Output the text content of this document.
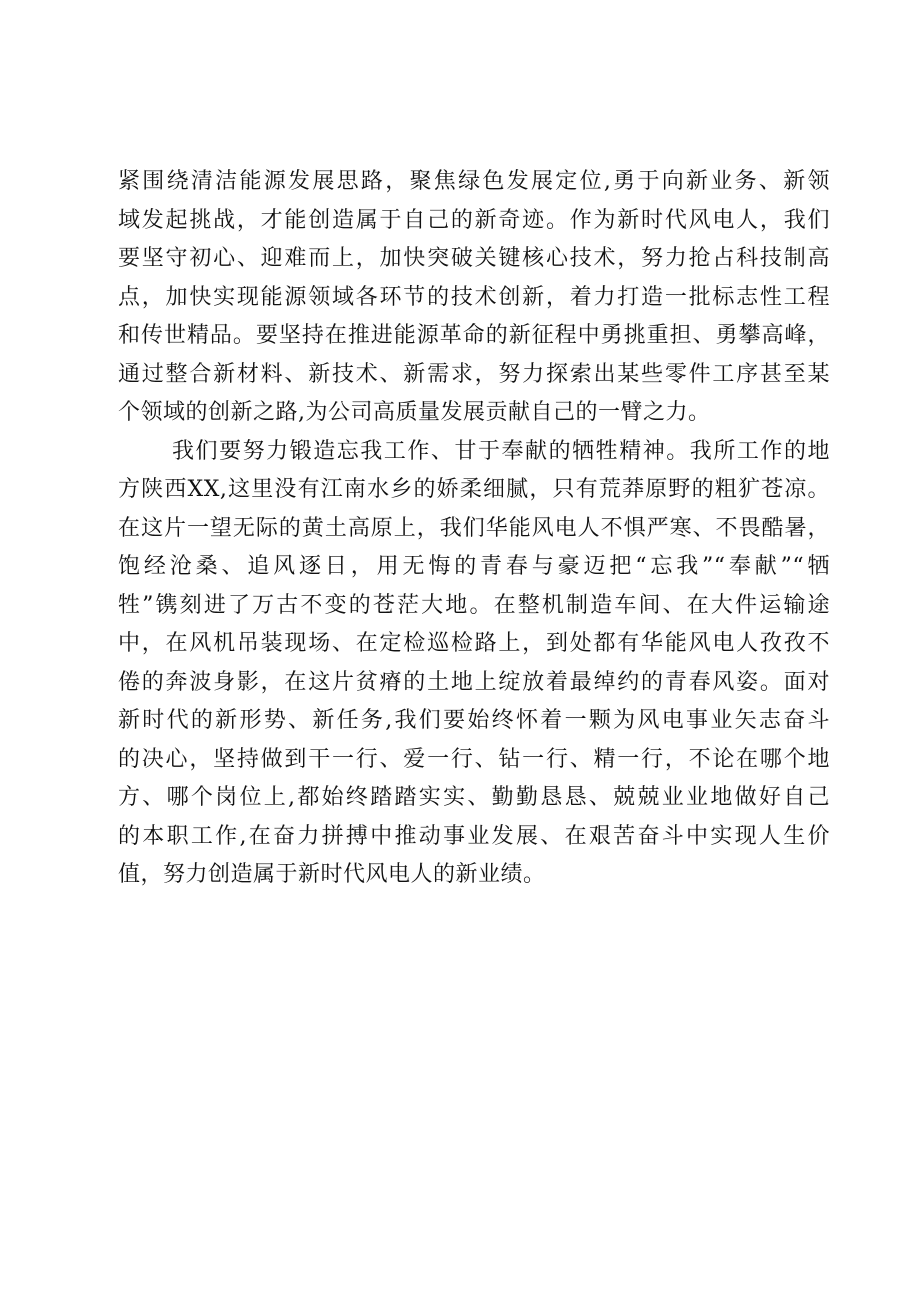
紧围绕清洁能源发展思路，聚焦绿色发展定位,勇于向新业务、新领
域发起挑战，才能创造属于自己的新奇迹。作为新时代风电人，我们
要坚守初心、迎难而上，加快突破关键核心技术，努力抢占科技制高
点，加快实现能源领域各环节的技术创新，着力打造一批标志性工程
和传世精品。要坚持在推进能源革命的新征程中勇挑重担、勇攀高峰，
通过整合新材料、新技术、新需求，努力探索出某些零件工序甚至某
个领域的创新之路,为公司高质量发展贡献自己的一臂之力。
我们要努力锻造忘我工作、甘于奉献的牺牲精神。我所工作的地
方陕西XX,这里没有江南水乡的娇柔细腻，只有荒莽原野的粗犷苍凉。
在这片一望无际的黄土高原上，我们华能风电人不惧严寒、不畏酷暑，
饱经沧桑、追风逐日，用无悔的青春与豪迈把“忘我”“奉献”“牺
牲”镌刻进了万古不变的苍茫大地。在整机制造车间、在大件运输途
中，在风机吊装现场、在定检巡检路上，到处都有华能风电人孜孜不
倦的奔波身影，在这片贫瘠的土地上绽放着最绰约的青春风姿。面对
新时代的新形势、新任务,我们要始终怀着一颗为风电事业矢志奋斗
的决心，坚持做到干一行、爱一行、钻一行、精一行，不论在哪个地
方、哪个岗位上,都始终踏踏实实、勤勤恳恳、兢兢业业地做好自己
的本职工作,在奋力拼搏中推动事业发展、在艰苦奋斗中实现人生价
值，努力创造属于新时代风电人的新业绩。
